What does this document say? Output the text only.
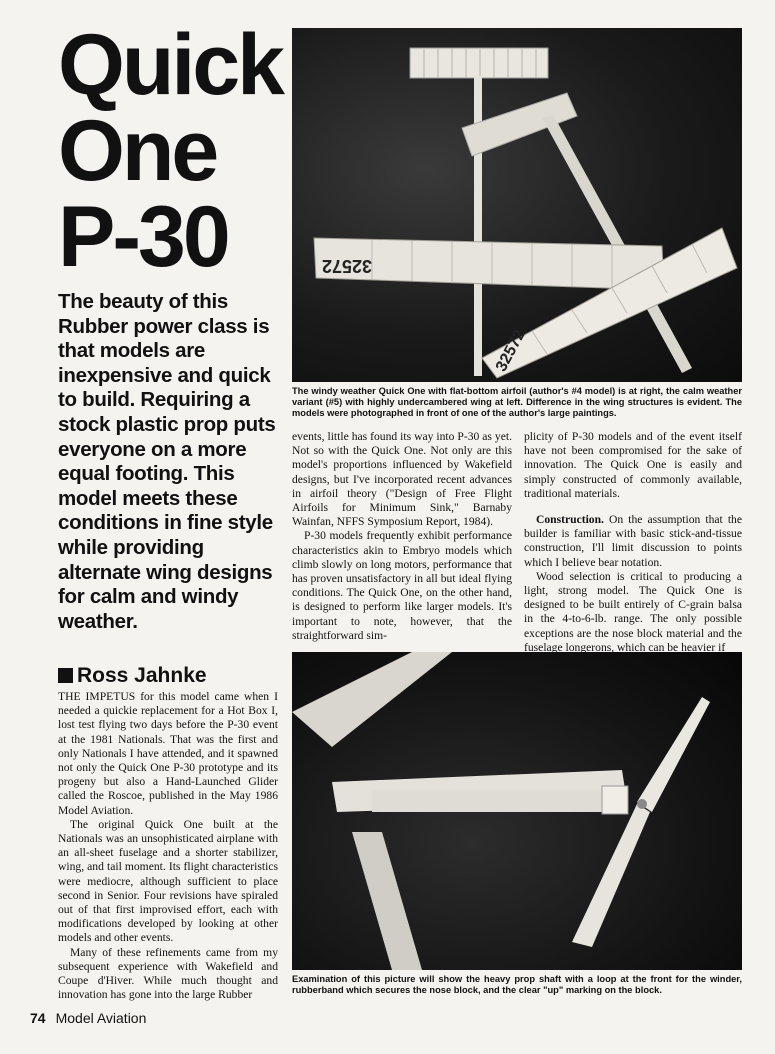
Quick
One
P-30

The beauty of this Rubber power class is that models are inexpensive and quick to build. Requiring a stock plastic prop puts everyone on a more equal footing. This model meets these conditions in fine style while providing alternate wing designs for calm and windy weather.

Ross Jahnke
32572
32572
The windy weather Quick One with flat-bottom airfoil (author's #4 model) is at right, the calm weather variant (#5) with highly undercambered wing at left. Difference in the wing structures is evident. The models were photographed in front of one of the author's large paintings.
Examination of this picture will show the heavy prop shaft with a loop at the front for the winder, rubberband which secures the nose block, and the clear "up" marking on the block.

THE IMPETUS for this model came when I needed a quickie replacement for a Hot Box I, lost test flying two days before the P-30 event at the 1981 Nationals. That was the first and only Nationals I have attended, and it spawned not only the Quick One P-30 prototype and its progeny but also a Hand-Launched Glider called the Roscoe, published in the May 1986 Model Aviation.

The original Quick One built at the Nationals was an unsophisticated airplane with an all-sheet fuselage and a shorter stabilizer, wing, and tail moment. Its flight characteristics were mediocre, although sufficient to place second in Senior. Four revisions have spiraled out of that first improvised effort, each with modifications developed by looking at other models and other events.

Many of these refinements came from my subsequent experience with Wakefield and Coupe d'Hiver. While much thought and innovation has gone into the large Rubber

events, little has found its way into P-30 as yet. Not so with the Quick One. Not only are this model's proportions influenced by Wakefield designs, but I've incorporated recent advances in airfoil theory ("Design of Free Flight Airfoils for Minimum Sink," Barnaby Wainfan, NFFS Symposium Report, 1984).

P-30 models frequently exhibit performance characteristics akin to Embryo models which climb slowly on long motors, performance that has proven unsatisfactory in all but ideal flying conditions. The Quick One, on the other hand, is designed to perform like larger models. It's important to note, however, that the straightforward sim-

plicity of P-30 models and of the event itself have not been compromised for the sake of innovation. The Quick One is easily and simply constructed of commonly available, traditional materials.

Construction. On the assumption that the builder is familiar with basic stick-and-tissue construction, I'll limit discussion to points which I believe bear notation.

Wood selection is critical to producing a light, strong model. The Quick One is designed to be built entirely of C-grain balsa in the 4-to-6-lb. range. The only possible exceptions are the nose block material and the fuselage longerons, which can be heavier if

74 Model Aviation
